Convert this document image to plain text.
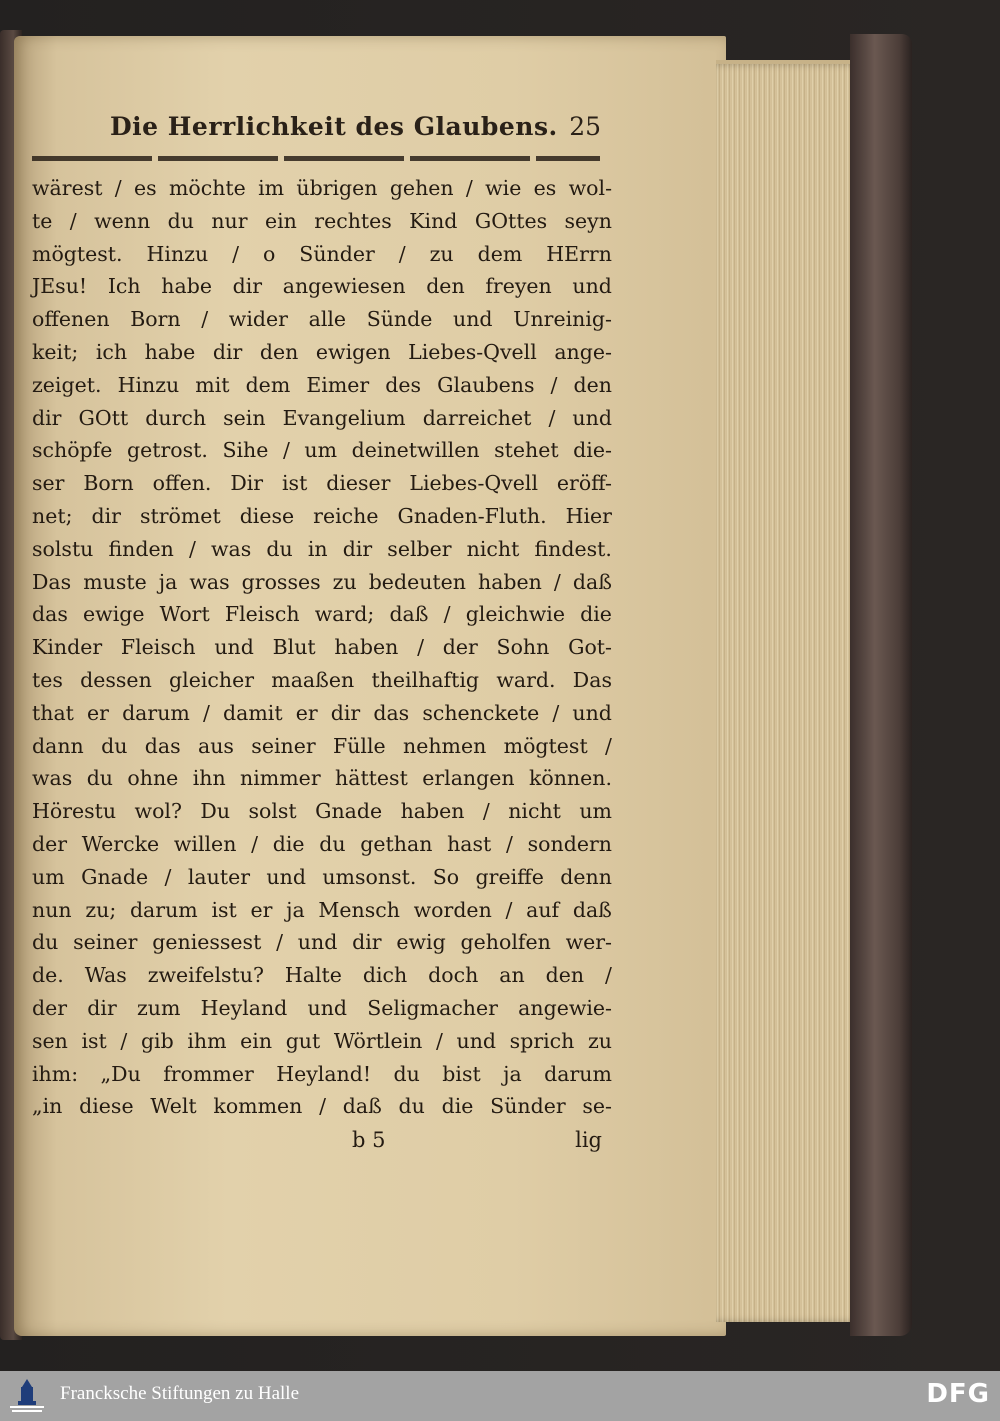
Die Herrlichkeit des Glaubens. 25
wärest / es möchte im übrigen gehen / wie es wol-
te / wenn du nur ein rechtes Kind GOttes seyn
mögtest. Hinzu / o Sünder / zu dem HErrn
JEsu! Ich habe dir angewiesen den freyen und
offenen Born / wider alle Sünde und Unreinig-
keit; ich habe dir den ewigen Liebes-Qvell ange-
zeiget. Hinzu mit dem Eimer des Glaubens / den
dir GOtt durch sein Evangelium darreichet / und
schöpfe getrost. Sihe / um deinetwillen stehet die-
ser Born offen. Dir ist dieser Liebes-Qvell eröff-
net; dir strömet diese reiche Gnaden-Fluth. Hier
solstu finden / was du in dir selber nicht findest.
Das muste ja was grosses zu bedeuten haben / daß
das ewige Wort Fleisch ward; daß / gleichwie die
Kinder Fleisch und Blut haben / der Sohn Got-
tes dessen gleicher maaßen theilhaftig ward. Das
that er darum / damit er dir das schenckete / und
dann du das aus seiner Fülle nehmen mögtest /
was du ohne ihn nimmer hättest erlangen können.
Hörestu wol? Du solst Gnade haben / nicht um
der Wercke willen / die du gethan hast / sondern
um Gnade / lauter und umsonst. So greiffe denn
nun zu; darum ist er ja Mensch worden / auf daß
du seiner geniessest / und dir ewig geholfen wer-
de. Was zweifelstu? Halte dich doch an den /
der dir zum Heyland und Seligmacher angewie-
sen ist / gib ihm ein gut Wörtlein / und sprich zu
ihm: „Du frommer Heyland! du bist ja darum
„in diese Welt kommen / daß du die Sünder se-
b 5	lig
Francksche Stiftungen zu Halle	DFG
